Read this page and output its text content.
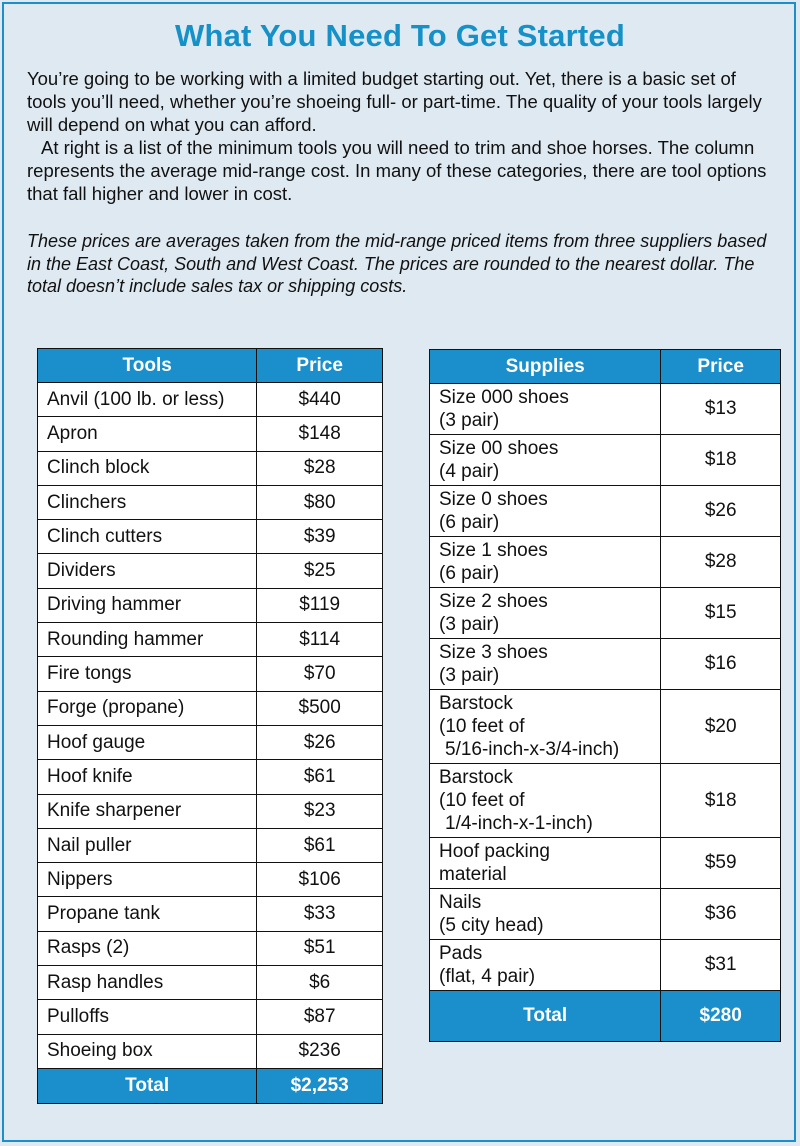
What You Need To Get Started

You’re going to be working with a limited budget starting out. Yet, there is a basic set of tools you’ll need, whether you’re shoeing full- or part-time. The quality of your tools largely will depend on what you can afford.

At right is a list of the minimum tools you will need to trim and shoe horses. The column represents the average mid-range cost. In many of these categories, there are tool options that fall higher and lower in cost.

These prices are averages taken from the mid-range priced items from three suppliers based in the East Coast, South and West Coast. The prices are rounded to the nearest dollar. The total doesn’t include sales tax or shipping costs.
Tools	Price
Anvil (100 lb. or less)	$440
Apron	$148
Clinch block	$28
Clinchers	$80
Clinch cutters	$39
Dividers	$25
Driving hammer	$119
Rounding hammer	$114
Fire tongs	$70
Forge (propane)	$500
Hoof gauge	$26
Hoof knife	$61
Knife sharpener	$23
Nail puller	$61
Nippers	$106
Propane tank	$33
Rasps (2)	$51
Rasp handles	$6
Pulloffs	$87
Shoeing box	$236
Total	$2,253
Supplies	Price

Size 000 shoes
(3 pair)	$13

Size 00 shoes
(4 pair)	$18

Size 0 shoes
(6 pair)	$26

Size 1 shoes
(6 pair)	$28

Size 2 shoes
(3 pair)	$15

Size 3 shoes
(3 pair)	$16

Barstock
(10 feet of
5/16-inch-x-3/4-inch)	$20

Barstock
(10 feet of
1/4-inch-x-1-inch)	$18

Hoof packing
material	$59

Nails
(5 city head)	$36

Pads
(flat, 4 pair)	$31
Total	$280
